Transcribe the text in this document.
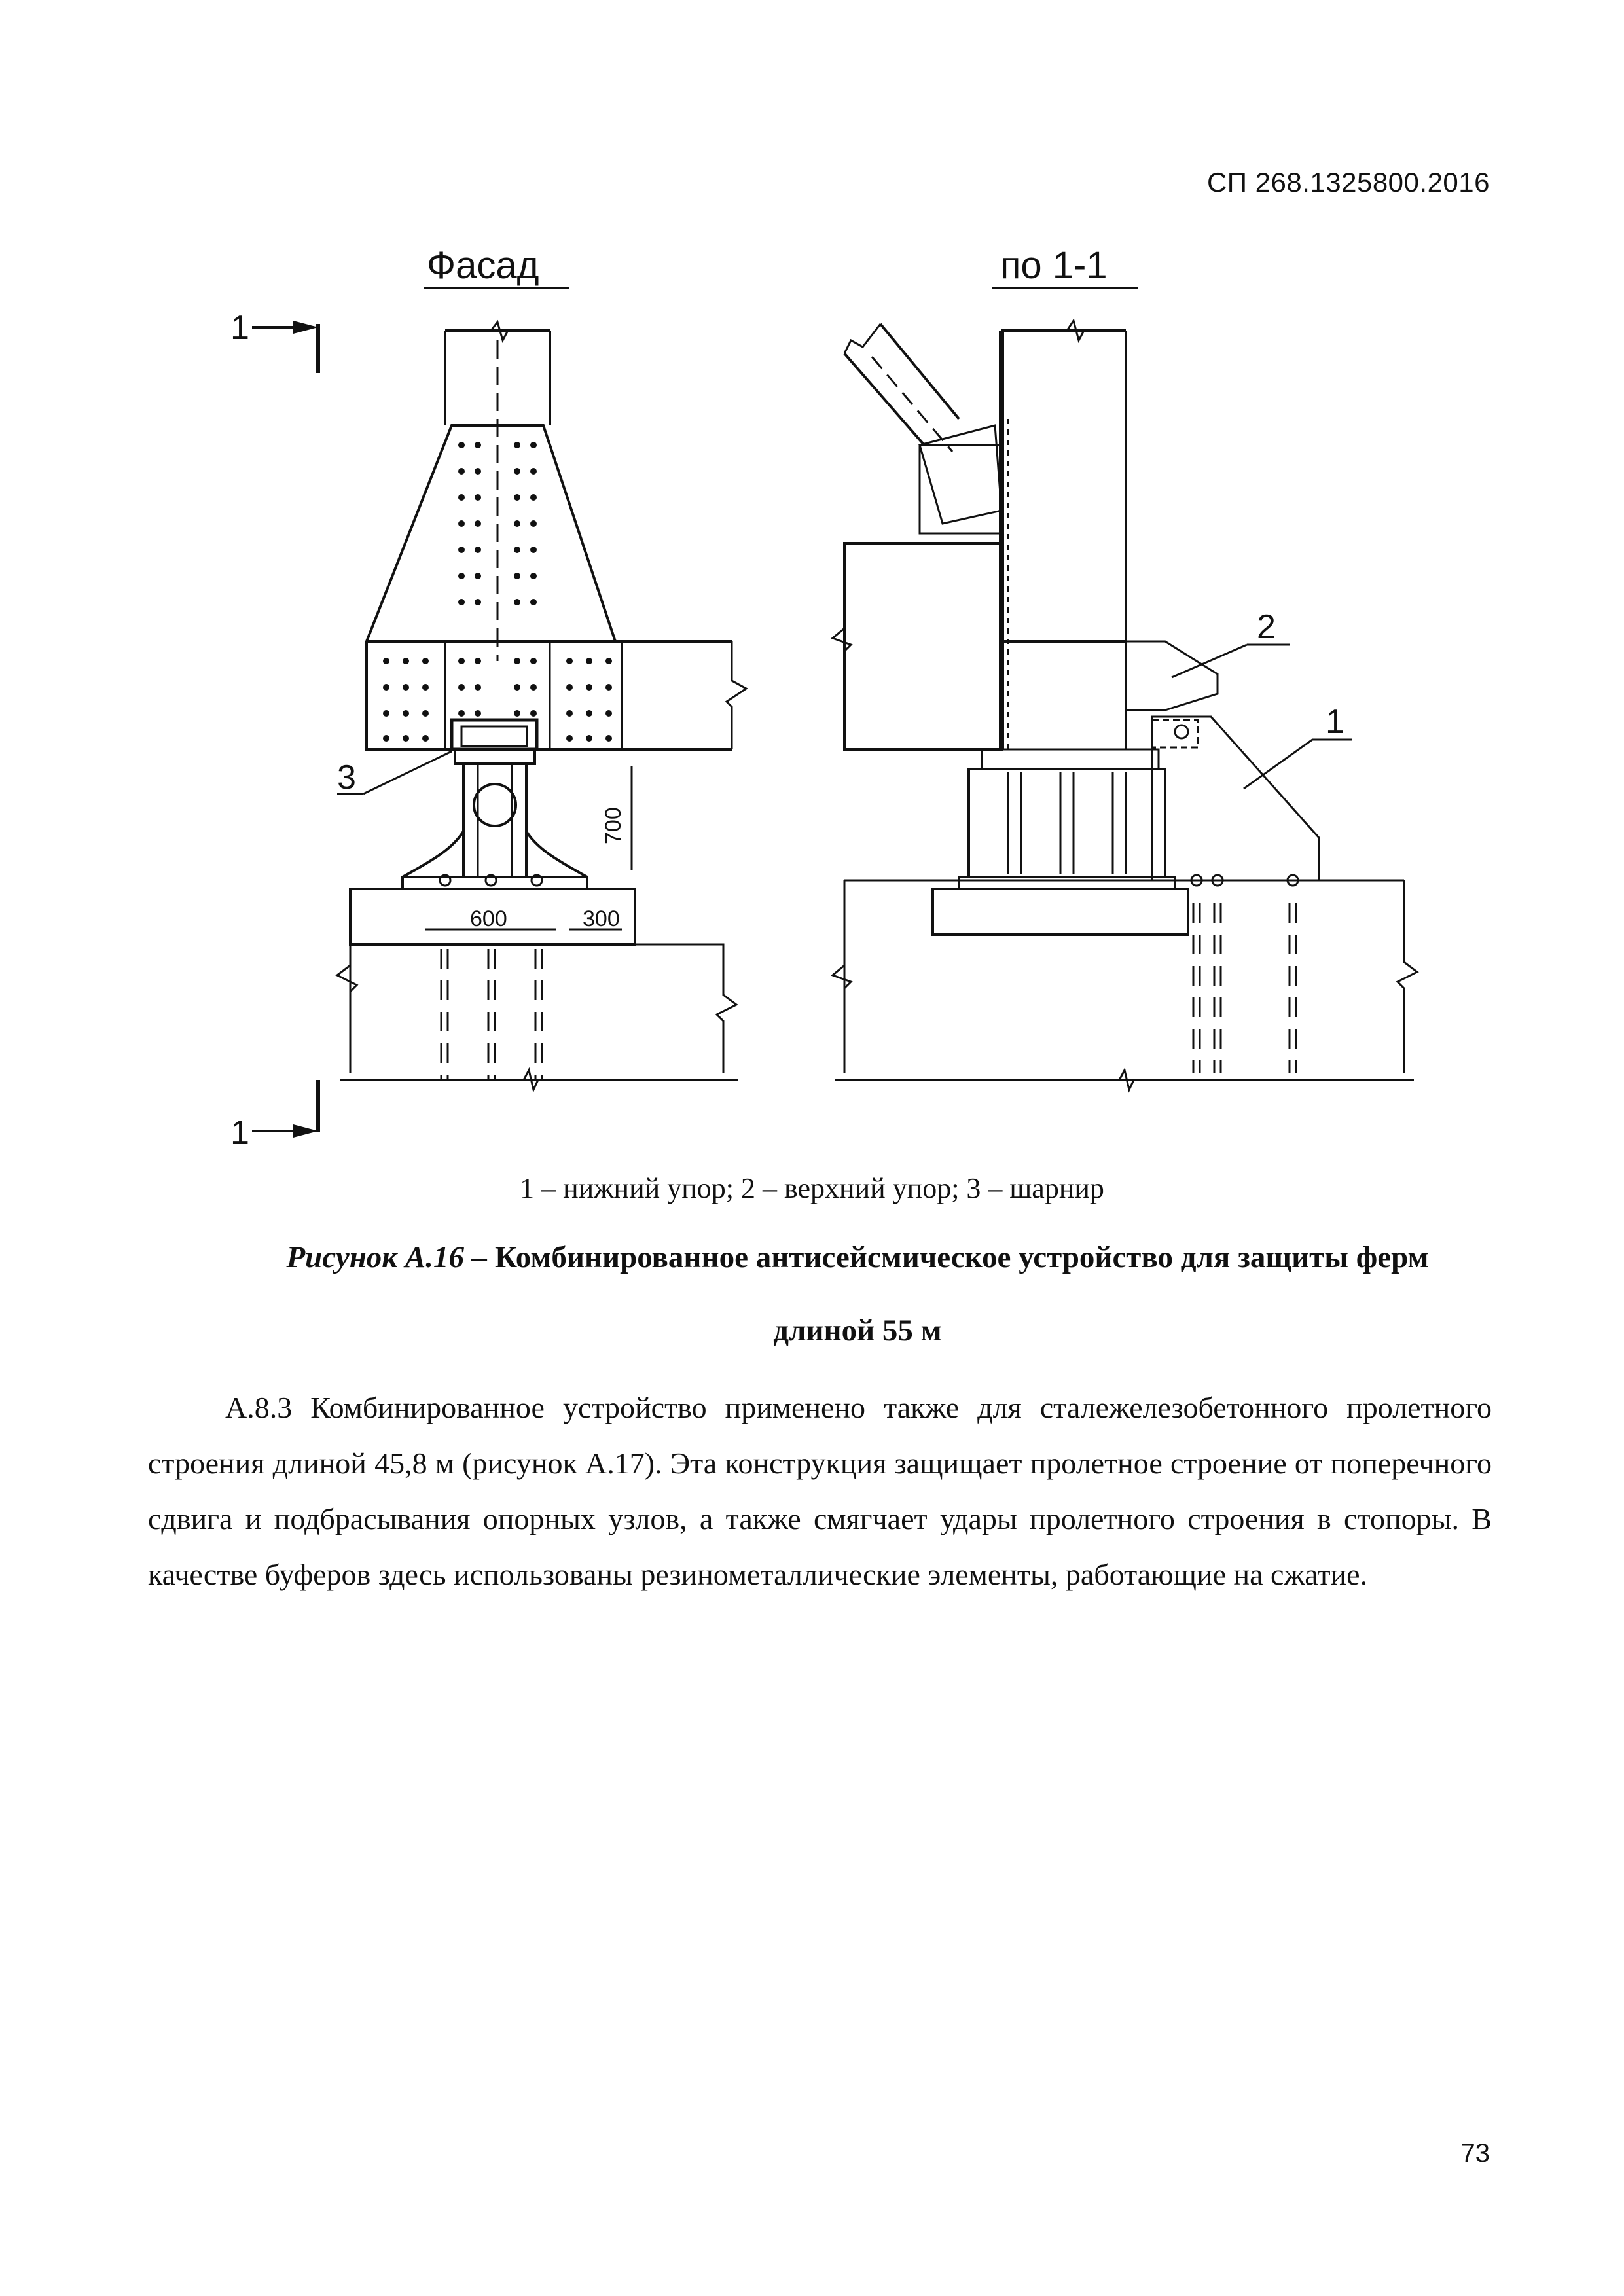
СП 268.1325800.2016
Фасад
1
600	300
700
3
1
по 1-1
2
1
1 – нижний упор; 2 – верхний упор; 3 – шарнир
Рисунок А.16 – Комбинированное антисейсмическое устройство для защиты ферм длиной 55 м

А.8.3 Комбинированное устройство применено также для сталежелезобетонного пролетного строения длиной 45,8 м (рисунок А.17). Эта конструкция защищает пролетное строение от поперечного сдвига и подбрасывания опорных узлов, а также смягчает удары пролетного строения в стопоры. В качестве буферов здесь использованы резинометаллические элементы, работающие на сжатие.

73
